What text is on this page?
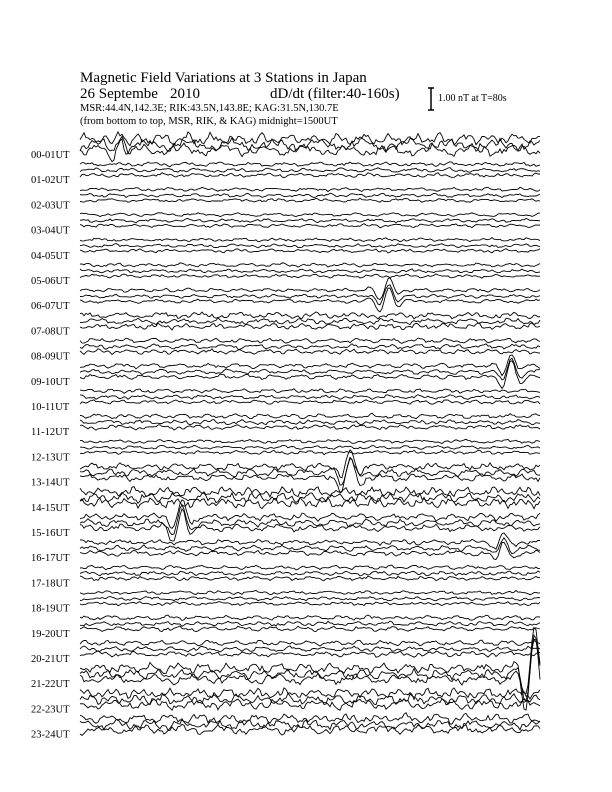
Magnetic Field Variations at 3 Stations in Japan
26 Septembe 2010	dD/dt (filter:40-160s)
MSR:44.4N,142.3E; RIK:43.5N,143.8E; KAG:31.5N,130.7E
(from bottom to top, MSR, RIK, & KAG) midnight=1500UT
1.00 nT at T=80s
00-01UT
01-02UT
02-03UT
03-04UT
04-05UT
05-06UT
06-07UT
07-08UT
08-09UT
09-10UT
10-11UT
11-12UT
12-13UT
13-14UT
14-15UT
15-16UT
16-17UT
17-18UT
18-19UT
19-20UT
20-21UT
21-22UT
22-23UT
23-24UT
